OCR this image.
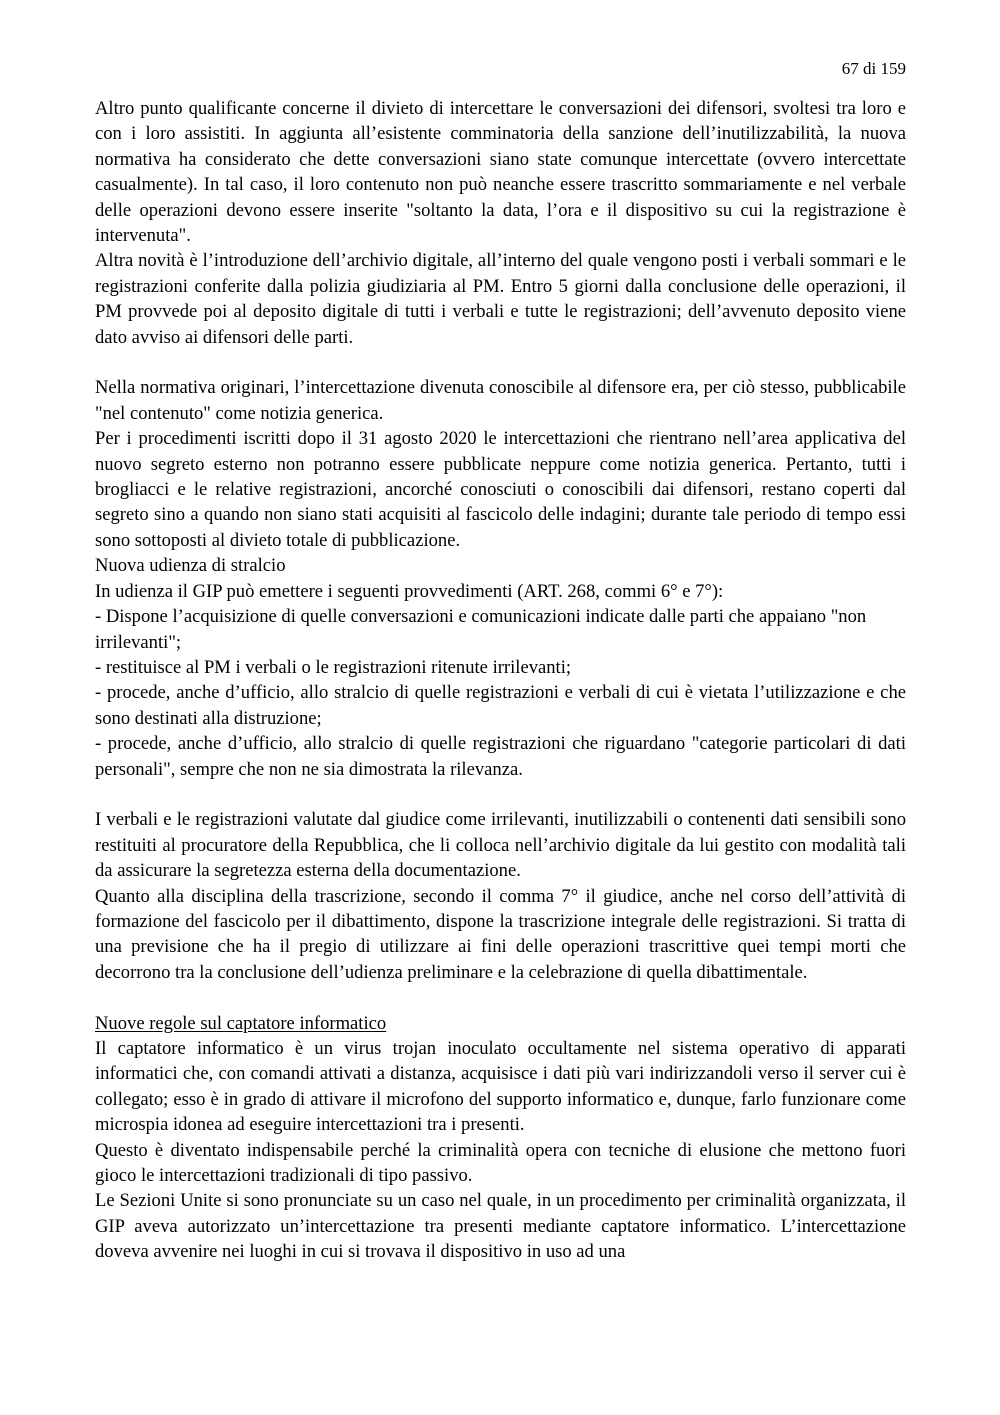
67 di 159

Altro punto qualificante concerne il divieto di intercettare le conversazioni dei difensori, svoltesi tra loro e con i loro assistiti. In aggiunta all’esistente comminatoria della sanzione dell’inutilizzabilità, la nuova normativa ha considerato che dette conversazioni siano state comunque intercettate (ovvero intercettate casualmente). In tal caso, il loro contenuto non può neanche essere trascritto sommariamente e nel verbale delle operazioni devono essere inserite "soltanto la data, l’ora e il dispositivo su cui la registrazione è intervenuta".

Altra novità è l’introduzione dell’archivio digitale, all’interno del quale vengono posti i verbali sommari e le registrazioni conferite dalla polizia giudiziaria al PM. Entro 5 giorni dalla conclusione delle operazioni, il PM provvede poi al deposito digitale di tutti i verbali e tutte le registrazioni; dell’avvenuto deposito viene dato avviso ai difensori delle parti.

Nella normativa originari, l’intercettazione divenuta conoscibile al difensore era, per ciò stesso, pubblicabile "nel contenuto" come notizia generica.

Per i procedimenti iscritti dopo il 31 agosto 2020 le intercettazioni che rientrano nell’area applicativa del nuovo segreto esterno non potranno essere pubblicate neppure come notizia generica. Pertanto, tutti i brogliacci e le relative registrazioni, ancorché conosciuti o conoscibili dai difensori, restano coperti dal segreto sino a quando non siano stati acquisiti al fascicolo delle indagini; durante tale periodo di tempo essi sono sottoposti al divieto totale di pubblicazione.

Nuova udienza di stralcio

In udienza il GIP può emettere i seguenti provvedimenti (ART. 268, commi 6° e 7°):

- Dispone l’acquisizione di quelle conversazioni e comunicazioni indicate dalle parti che appaiano "non irrilevanti";

- restituisce al PM i verbali o le registrazioni ritenute irrilevanti;

- procede, anche d’ufficio, allo stralcio di quelle registrazioni e verbali di cui è vietata l’utilizzazione e che sono destinati alla distruzione;

- procede, anche d’ufficio, allo stralcio di quelle registrazioni che riguardano "categorie particolari di dati personali", sempre che non ne sia dimostrata la rilevanza.

I verbali e le registrazioni valutate dal giudice come irrilevanti, inutilizzabili o contenenti dati sensibili sono restituiti al procuratore della Repubblica, che li colloca nell’archivio digitale da lui gestito con modalità tali da assicurare la segretezza esterna della documentazione.

Quanto alla disciplina della trascrizione, secondo il comma 7° il giudice, anche nel corso dell’attività di formazione del fascicolo per il dibattimento, dispone la trascrizione integrale delle registrazioni. Si tratta di una previsione che ha il pregio di utilizzare ai fini delle operazioni trascrittive quei tempi morti che decorrono tra la conclusione dell’udienza preliminare e la celebrazione di quella dibattimentale.

Nuove regole sul captatore informatico

Il captatore informatico è un virus trojan inoculato occultamente nel sistema operativo di apparati informatici che, con comandi attivati a distanza, acquisisce i dati più vari indirizzandoli verso il server cui è collegato; esso è in grado di attivare il microfono del supporto informatico e, dunque, farlo funzionare come microspia idonea ad eseguire intercettazioni tra i presenti.

Questo è diventato indispensabile perché la criminalità opera con tecniche di elusione che mettono fuori gioco le intercettazioni tradizionali di tipo passivo.

Le Sezioni Unite si sono pronunciate su un caso nel quale, in un procedimento per criminalità organizzata, il GIP aveva autorizzato un’intercettazione tra presenti mediante captatore informatico. L’intercettazione doveva avvenire nei luoghi in cui si trovava il dispositivo in uso ad una
